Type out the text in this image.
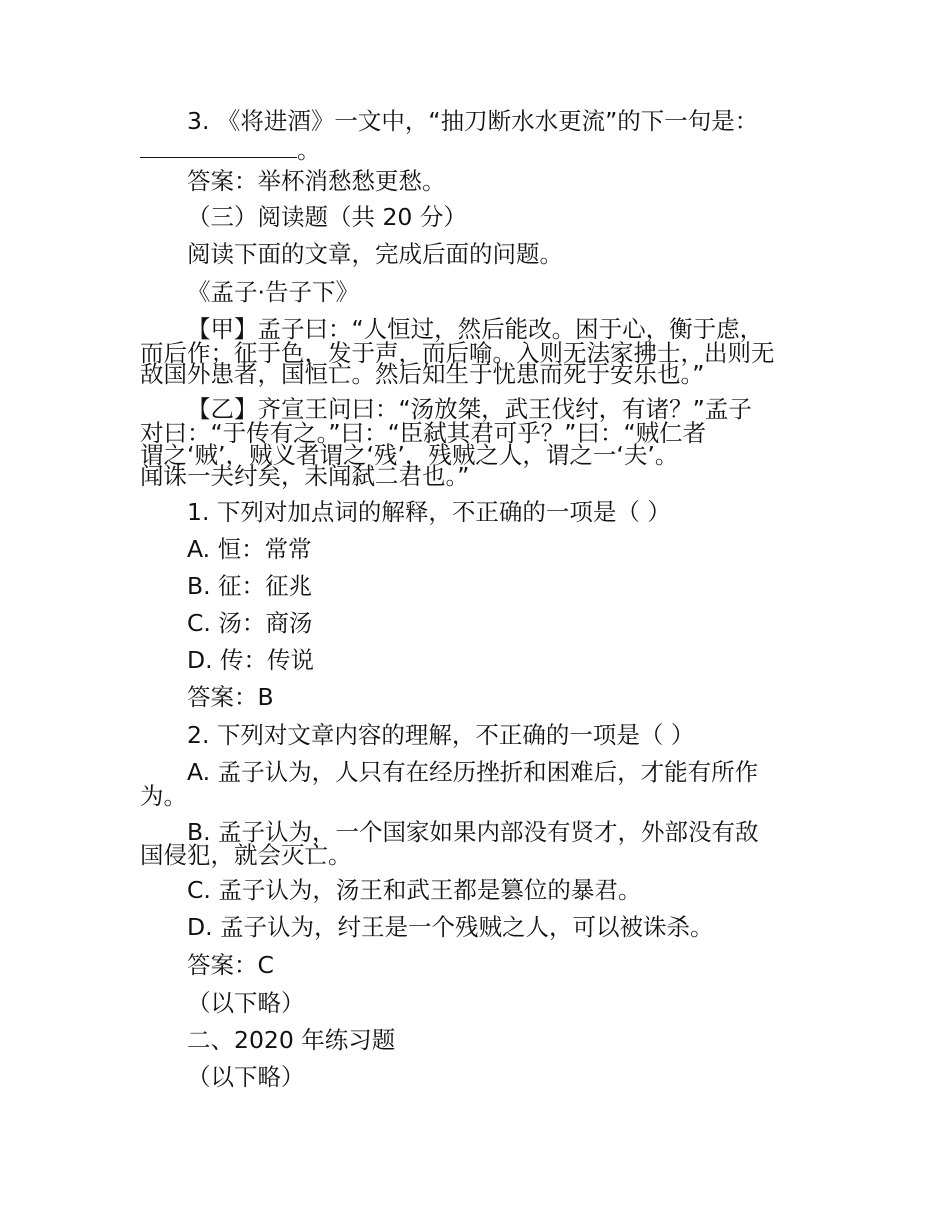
3. 《将进酒》一文中，“抽刀断水水更流”的下一句是：
。
答案：举杯消愁愁更愁。
（三）阅读题（共 20 分）
阅读下面的文章，完成后面的问题。
《孟子·告子下》
【甲】孟子曰：“人恒过，然后能改。困于心，衡于虑，
而后作；征于色，发于声，而后喻。入则无法家拂士，出则无
敌国外患者，国恒亡。然后知生于忧患而死于安乐也。”
【乙】齐宣王问曰：“汤放桀，武王伐纣，有诸？”孟子
对曰：“于传有之。”曰：“臣弑其君可乎？”曰：“贼仁者
谓之‘贼’，贼义者谓之‘残’，残贼之人，谓之一‘夫’。
闻诛一夫纣矣，未闻弑二君也。”
1. 下列对加点词的解释，不正确的一项是（ ）
A. 恒：常常
B. 征：征兆
C. 汤：商汤
D. 传：传说
答案：B
2. 下列对文章内容的理解，不正确的一项是（ ）
A. 孟子认为，人只有在经历挫折和困难后，才能有所作
为。
B. 孟子认为，一个国家如果内部没有贤才，外部没有敌
国侵犯，就会灭亡。
C. 孟子认为，汤王和武王都是篡位的暴君。
D. 孟子认为，纣王是一个残贼之人，可以被诛杀。
答案：C
（以下略）
二、2020 年练习题
（以下略）
